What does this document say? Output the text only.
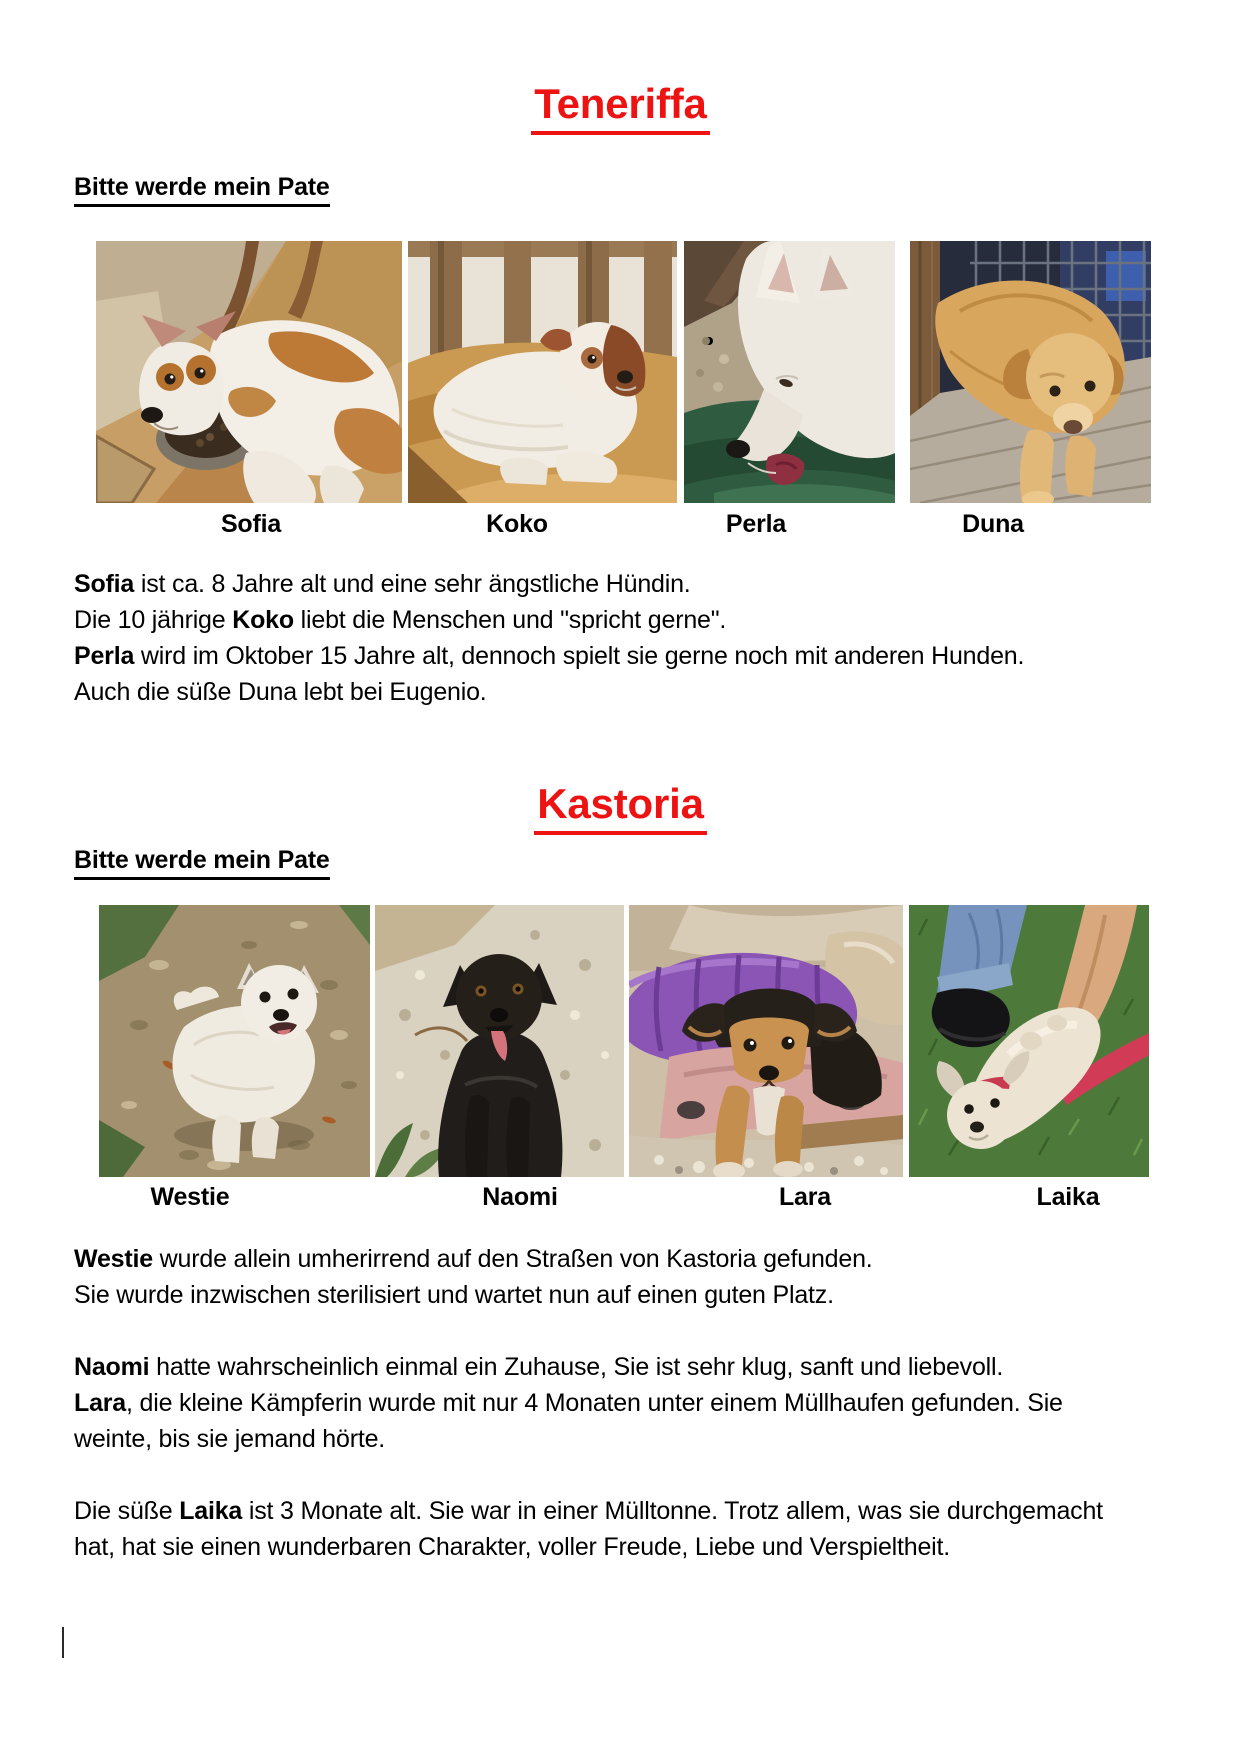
Teneriffa
Bitte werde mein Pate
Sofia	Koko	Perla	Duna
Sofia ist ca. 8 Jahre alt und eine sehr ängstliche Hündin.
Die 10 jährige Koko liebt die Menschen und "spricht gerne".
Perla wird im Oktober 15 Jahre alt, dennoch spielt sie gerne noch mit anderen Hunden.
Auch die süße Duna lebt bei Eugenio.
Kastoria
Bitte werde mein Pate
Westie	Naomi	Lara	Laika
Westie wurde allein umherirrend auf den Straßen von Kastoria gefunden.
Sie wurde inzwischen sterilisiert und wartet nun auf einen guten Platz.
Naomi hatte wahrscheinlich einmal ein Zuhause, Sie ist sehr klug, sanft und liebevoll.
Lara, die kleine Kämpferin wurde mit nur 4 Monaten unter einem Müllhaufen gefunden. Sie weinte, bis sie jemand hörte.
Die süße Laika ist 3 Monate alt. Sie war in einer Mülltonne. Trotz allem, was sie durchgemacht hat, hat sie einen wunderbaren Charakter, voller Freude, Liebe und Verspieltheit.
